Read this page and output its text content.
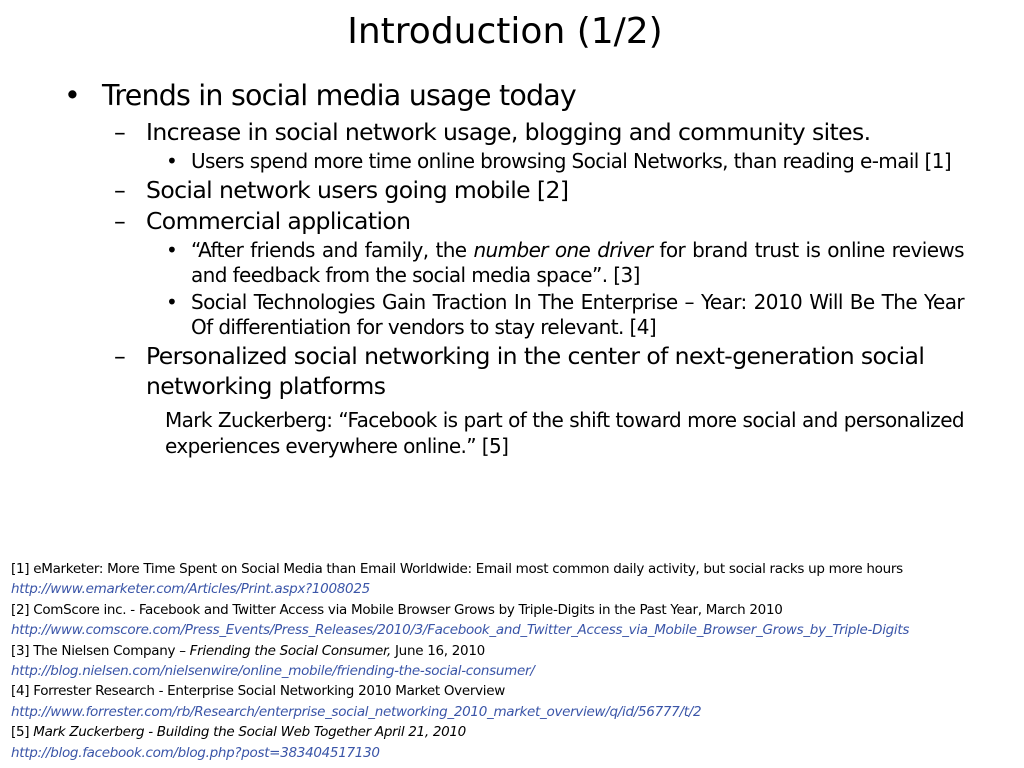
Introduction (1/2)
• Trends in social media usage today
– Increase in social network usage, blogging and community sites.
• Users spend more time online browsing Social Networks, than reading e-mail [1]
– Social network users going mobile [2]
– Commercial application
• “After friends and family, the number one driver for brand trust is online reviews and feedback from the social media space”. [3]
• Social Technologies Gain Traction In The Enterprise – Year: 2010 Will Be The Year Of differentiation for vendors to stay relevant. [4]
– Personalized social networking in the center of next-generation social networking platforms
Mark Zuckerberg: “Facebook is part of the shift toward more social and personalized experiences everywhere online.” [5]
[1] eMarketer: More Time Spent on Social Media than Email Worldwide: Email most common daily activity, but social racks up more hours
http://www.emarketer.com/Articles/Print.aspx?1008025
[2] ComScore inc. - Facebook and Twitter Access via Mobile Browser Grows by Triple-Digits in the Past Year, March 2010
http://www.comscore.com/Press_Events/Press_Releases/2010/3/Facebook_and_Twitter_Access_via_Mobile_Browser_Grows_by_Triple-Digits
[3] The Nielsen Company – Friending the Social Consumer, June 16, 2010
http://blog.nielsen.com/nielsenwire/online_mobile/friending-the-social-consumer/
[4] Forrester Research - Enterprise Social Networking 2010 Market Overview
http://www.forrester.com/rb/Research/enterprise_social_networking_2010_market_overview/q/id/56777/t/2
[5] Mark Zuckerberg - Building the Social Web Together April 21, 2010
http://blog.facebook.com/blog.php?post=383404517130
